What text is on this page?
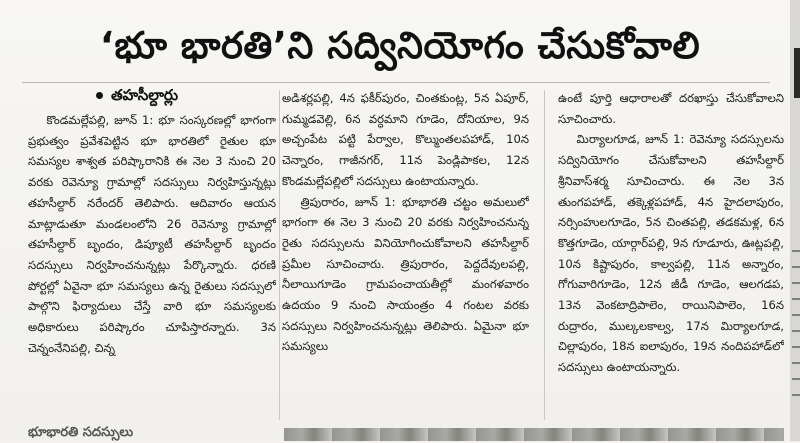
‘భూ భారతి’ని సద్వినియోగం చేసుకోవాలి
తహసీల్దార్లు

కొండమల్లేపల్లి, జూన్ 1: భూ సంస్కరణల్లో భాగంగా ప్రభుత్వం ప్రవేశపెట్టిన భూ భారతిలో రైతుల భూ సమస్యల శాశ్వత పరిష్కారానికి ఈ నెల 3 నుంచి 20 వరకు రెవెన్యూ గ్రామాల్లో సదస్సులు నిర్వహిస్తున్నట్లు తహసీల్దార్ నరేందర్ తెలిపారు. ఆదివారం ఆయన మాట్లాడుతూ మండలంలోని 26 రెవెన్యూ గ్రామాల్లో తహసీల్దార్ బృందం, డిప్యూటీ తహసీల్దార్ బృందం సదస్సులు నిర్వహించనున్నట్లు పేర్కొన్నారు. ధరణి పోర్టల్లో ఏవైనా భూ సమస్యలు ఉన్న రైతులు సదస్సులో పాల్గొని ఫిర్యాదులు చేస్తే వారి భూ సమస్యలకు అధికారులు పరిష్కారం చూపిస్తారన్నారు. 3న చెన్నంనేనిపల్లి, చిన్న

అడిశర్లపల్లి, 4న ఫకీర్‌పురం, చింతకుంట్ల, 5న ఏపూర్, గుమ్మడవెల్లి, 6న వర్ధమాని గూడెం, దోనియాల, 9న అచ్చంపేట పట్టి పేర్వాల, కొల్ముంతలపహాడ్, 10న చెన్నారం, గాజీనగర్, 11న పెండ్లిపాకల, 12న కొండమల్లేపల్లిలో సదస్సులు ఉంటాయన్నారు.

త్రిపురారం, జూన్ 1: భూభారతి చట్టం అమలులో భాగంగా ఈ నెల 3 నుంచి 20 వరకు నిర్వహించనున్న రైతు సదస్సులను వినియోగించుకోవాలని తహసీల్దార్ ప్రమీల సూచించారు. త్రిపురారం, పెద్దదేవులపల్లి, నీలాయిగూడెం గ్రామపంచాయతీల్లో మంగళవారం ఉదయం 9 నుంచి సాయంత్రం 4 గంటల వరకు సదస్సులు నిర్వహించనున్నట్లు తెలిపారు. ఏమైనా భూ సమస్యలు

ఉంటే పూర్తి ఆధారాలతో దరఖాస్తు చేసుకోవాలని సూచించారు.

మిర్యాలగూడ, జూన్ 1: రెవెన్యూ సదస్సులను సద్వినియోగం చేసుకోవాలని తహసీల్దార్ శ్రీనివాస్‌శర్మ సూచించారు. ఈ నెల 3న తుంగపహాడ్, తక్కెళ్లపహాడ్, 4న హైదలాపురం, నర్సింహులగూడెం, 5న చింతపల్లి, తడకమళ్ల, 6న కొత్తగూడెం, యార్గార్‌పల్లి, 9న గూడూరు, ఊట్లపల్లి, 10న కిష్టాపురం, కాల్వపల్లి, 11న అన్నారం, గోగువారిగూడెం, 12న జీడీ గూడెం, ఆలగడప, 13న వెంకటాద్రిపాలెం, రాయినిపాలెం, 16న రుద్రారం, ముల్కలకాల్వ, 17న మిర్యాలగూడ, చిల్లాపురం, 18న ఐలాపురం, 19న నందిపహాడ్‌లో సదస్సులు ఉంటాయన్నారు.

భూభారతి సదస్సులు
